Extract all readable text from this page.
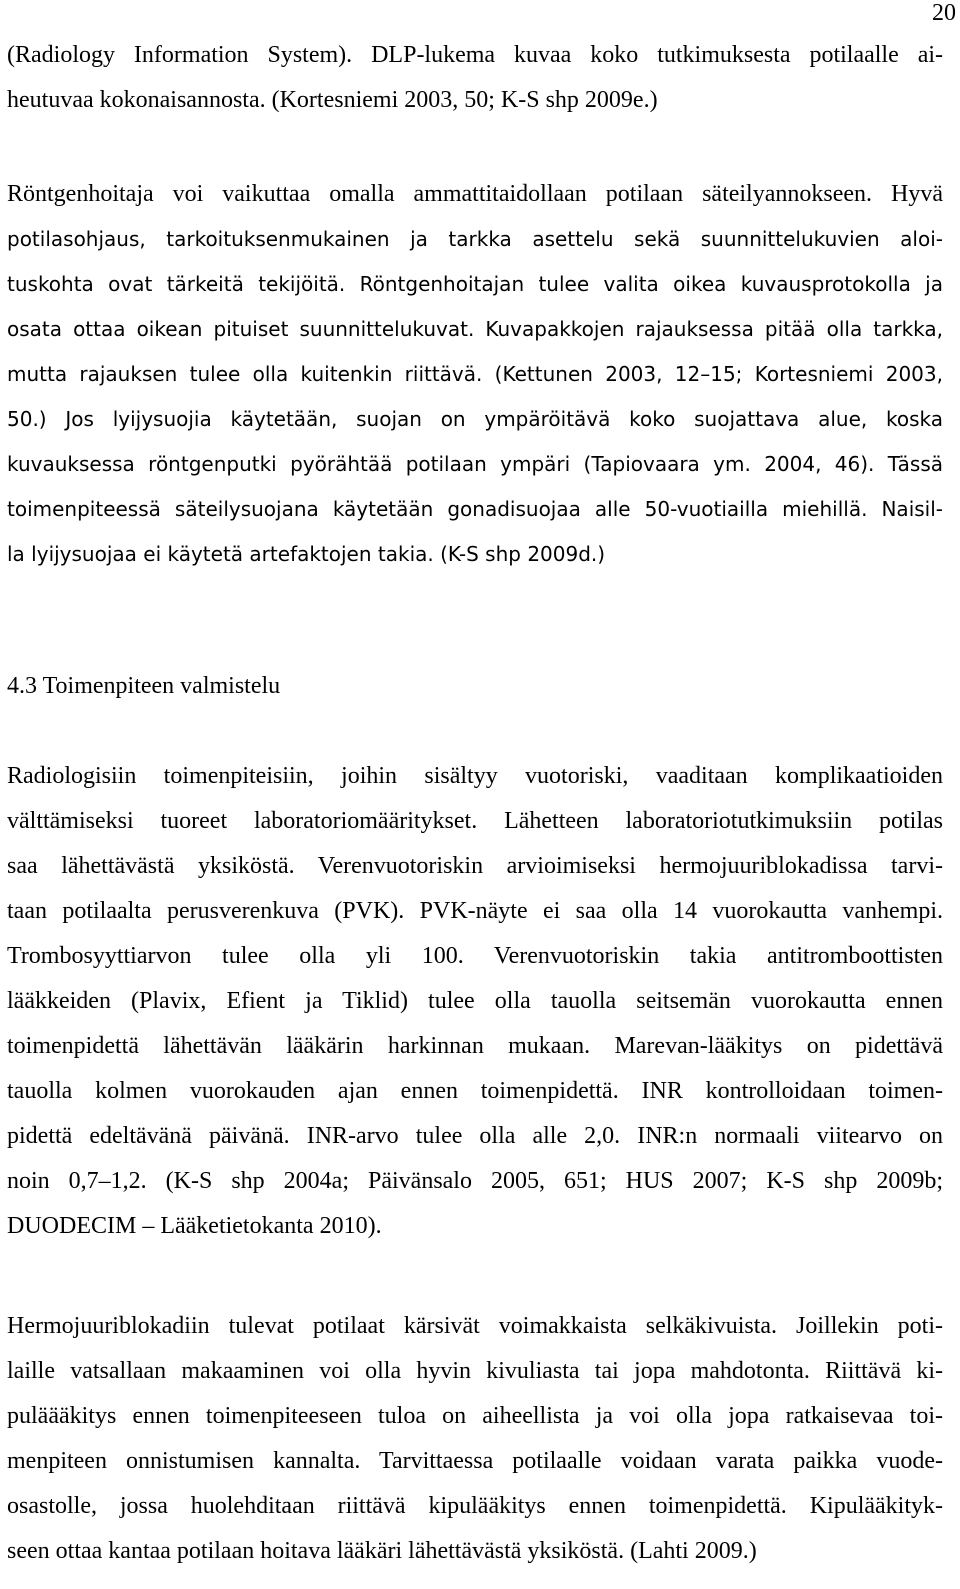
20
(Radiology Information System). DLP-lukema kuvaa koko tutkimuksesta potilaalle ai-
heutuvaa kokonaisannosta. (Kortesniemi 2003, 50; K-S shp 2009e.)
Röntgenhoitaja voi vaikuttaa omalla ammattitaidollaan potilaan säteilyannokseen. Hyvä
potilasohjaus, tarkoituksenmukainen ja tarkka asettelu sekä suunnittelukuvien aloi-
tuskohta ovat tärkeitä tekijöitä. Röntgenhoitajan tulee valita oikea kuvausprotokolla ja
osata ottaa oikean pituiset suunnittelukuvat. Kuvapakkojen rajauksessa pitää olla tarkka,
mutta rajauksen tulee olla kuitenkin riittävä. (Kettunen 2003, 12–15; Kortesniemi 2003,
50.) Jos lyijysuojia käytetään, suojan on ympäröitävä koko suojattava alue, koska
kuvauksessa röntgenputki pyörähtää potilaan ympäri (Tapiovaara ym. 2004, 46). Tässä
toimenpiteessä säteilysuojana käytetään gonadisuojaa alle 50-vuotiailla miehillä. Naisil-
la lyijysuojaa ei käytetä artefaktojen takia. (K-S shp 2009d.)
4.3 Toimenpiteen valmistelu
Radiologisiin toimenpiteisiin, joihin sisältyy vuotoriski, vaaditaan komplikaatioiden
välttämiseksi tuoreet laboratoriomääritykset. Lähetteen laboratoriotutkimuksiin potilas
saa lähettävästä yksiköstä. Verenvuotoriskin arvioimiseksi hermojuuriblokadissa tarvi-
taan potilaalta perusverenkuva (PVK). PVK-näyte ei saa olla 14 vuorokautta vanhempi.
Trombosyyttiarvon tulee olla yli 100. Verenvuotoriskin takia antitromboottisten
lääkkeiden (Plavix, Efient ja Tiklid) tulee olla tauolla seitsemän vuorokautta ennen
toimenpidettä lähettävän lääkärin harkinnan mukaan. Marevan-lääkitys on pidettävä
tauolla kolmen vuorokauden ajan ennen toimenpidettä. INR kontrolloidaan toimen-
pidettä edeltävänä päivänä. INR-arvo tulee olla alle 2,0. INR:n normaali viitearvo on
noin 0,7–1,2. (K-S shp 2004a; Päivänsalo 2005, 651; HUS 2007; K-S shp 2009b;
DUODECIM – Lääketietokanta 2010).
Hermojuuriblokadiin tulevat potilaat kärsivät voimakkaista selkäkivuista. Joillekin poti-
laille vatsallaan makaaminen voi olla hyvin kivuliasta tai jopa mahdotonta. Riittävä ki-
puläääkitys ennen toimenpiteeseen tuloa on aiheellista ja voi olla jopa ratkaisevaa toi-
menpiteen onnistumisen kannalta. Tarvittaessa potilaalle voidaan varata paikka vuode-
osastolle, jossa huolehditaan riittävä kipulääkitys ennen toimenpidettä. Kipulääkityk-
seen ottaa kantaa potilaan hoitava lääkäri lähettävästä yksiköstä. (Lahti 2009.)
